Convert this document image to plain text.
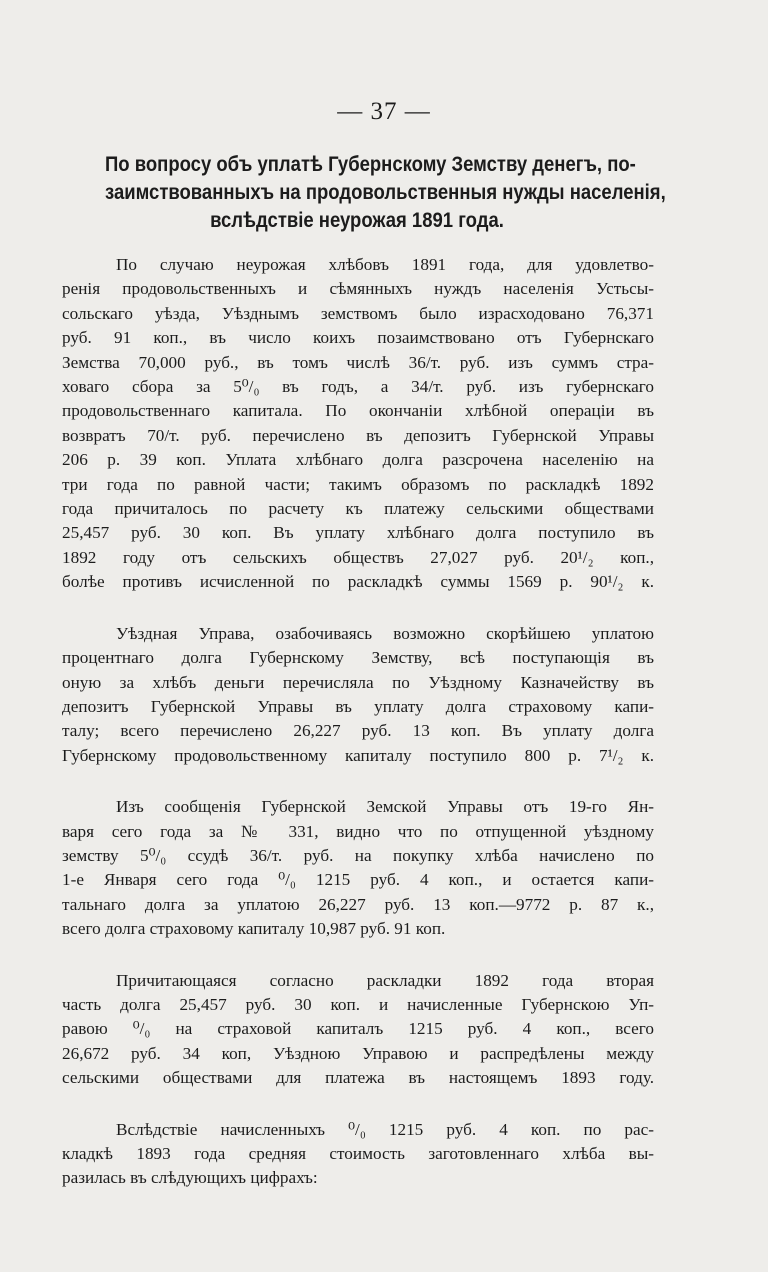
— 37 —
По вопросу объ уплатѣ Губернскому Земству денегъ, по-
заимствованныхъ на продовольственныя нужды населенія,
вслѣдствіе неурожая 1891 года.

По случаю неурожая хлѣбовъ 1891 года, для удовлетво-
ренія продовольственныхъ и сѣмянныхъ нуждъ населенія Устьсы-
сольскаго уѣзда, Уѣзднымъ земствомъ было израсходовано 76,371
руб. 91 коп., въ число коихъ позаимствовано отъ Губернскаго
Земства 70,000 руб., въ томъ числѣ 36/т. руб. изъ суммъ стра-
ховаго сбора за 5⁰/₀ въ годъ, а 34/т. руб. изъ губернскаго
продовольственнаго капитала. По окончаніи хлѣбной операціи въ
возвратъ 70/т. руб. перечислено въ депозитъ Губернской Управы
206 р. 39 коп. Уплата хлѣбнаго долга разсрочена населенію на
три года по равной части; такимъ образомъ по раскладкѣ 1892
года причиталось по расчету къ платежу сельскими обществами
25,457 руб. 30 коп. Въ уплату хлѣбнаго долга поступило въ
1892 году отъ сельскихъ обществъ 27,027 руб. 20¹/₂ коп.,
болѣе противъ исчисленной по раскладкѣ суммы 1569 р. 90¹/₂ к.

Уѣздная Управа, озабочиваясь возможно скорѣйшею уплатою
процентнаго долга Губернскому Земству, всѣ поступающія въ
оную за хлѣбъ деньги перечисляла по Уѣздному Казначейству въ
депозитъ Губернской Управы въ уплату долга страховому капи-
талу; всего перечислено 26,227 руб. 13 коп. Въ уплату долга
Губернскому продовольственному капиталу поступило 800 р. 7¹/₂ к.

Изъ сообщенія Губернской Земской Управы отъ 19-го Ян-
варя сего года за № 331, видно что по отпущенной уѣздному
земству 5⁰/₀ ссудѣ 36/т. руб. на покупку хлѣба начислено по
1-е Января сего года ⁰/₀ 1215 руб. 4 коп., и остается капи-
тальнаго долга за уплатою 26,227 руб. 13 коп.—9772 р. 87 к.,
всего долга страховому капиталу 10,987 руб. 91 коп.

Причитающаяся согласно раскладки 1892 года вторая
часть долга 25,457 руб. 30 коп. и начисленные Губернскою Уп-
равою ⁰/₀ на страховой капиталъ 1215 руб. 4 коп., всего
26,672 руб. 34 коп, Уѣздною Управою и распредѣлены между
сельскими обществами для платежа въ настоящемъ 1893 году.

Вслѣдствіе начисленныхъ ⁰/₀ 1215 руб. 4 коп. по рас-
кладкѣ 1893 года средняя стоимость заготовленнаго хлѣба вы-
разилась въ слѣдующихъ цифрахъ:
